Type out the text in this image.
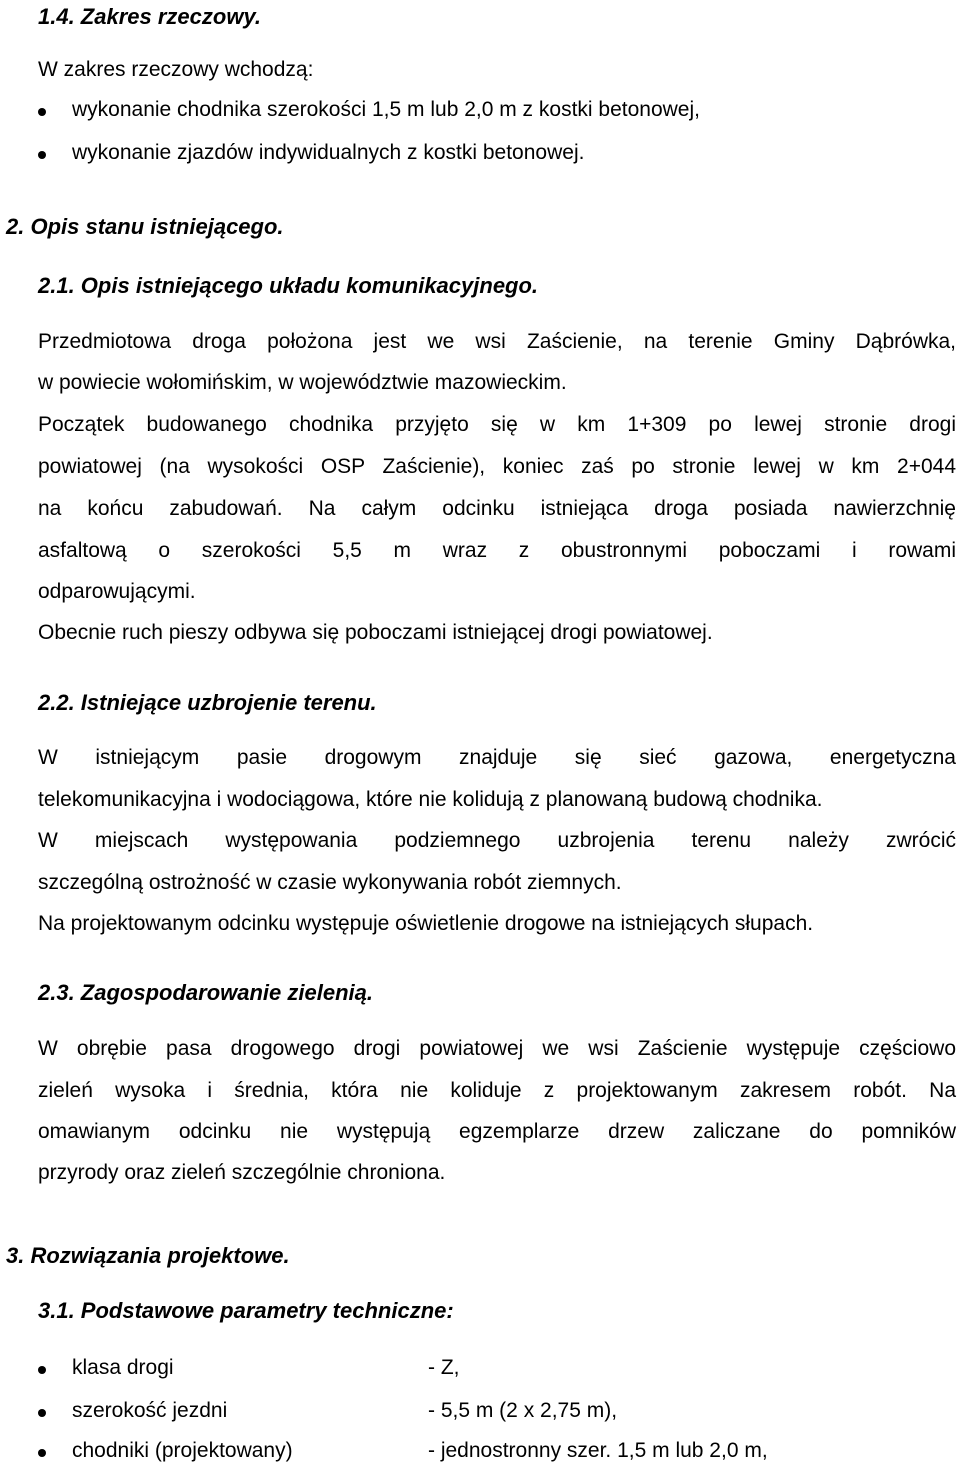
1.4. Zakres rzeczowy.
W zakres rzeczowy wchodzą:
wykonanie chodnika szerokości 1,5 m lub 2,0 m z kostki betonowej,
wykonanie zjazdów indywidualnych z kostki betonowej.
2. Opis stanu istniejącego.
2.1. Opis istniejącego układu komunikacyjnego.
Przedmiotowa droga położona jest we wsi Zaścienie, na terenie Gminy Dąbrówka,
w powiecie wołomińskim, w województwie mazowieckim.
Początek budowanego chodnika przyjęto się w km 1+309 po lewej stronie drogi
powiatowej (na wysokości OSP Zaścienie), koniec zaś po stronie lewej w km 2+044
na końcu zabudowań. Na całym odcinku istniejąca droga posiada nawierzchnię
asfaltową o szerokości 5,5 m wraz z obustronnymi poboczami i rowami
odparowującymi.
Obecnie ruch pieszy odbywa się poboczami istniejącej drogi powiatowej.
2.2. Istniejące uzbrojenie terenu.
W istniejącym pasie drogowym znajduje się sieć gazowa, energetyczna
telekomunikacyjna i wodociągowa, które nie kolidują z planowaną budową chodnika.
W miejscach występowania podziemnego uzbrojenia terenu należy zwrócić
szczególną ostrożność w czasie wykonywania robót ziemnych.
Na projektowanym odcinku występuje oświetlenie drogowe na istniejących słupach.
2.3. Zagospodarowanie zielenią.
W obrębie pasa drogowego drogi powiatowej we wsi Zaścienie występuje częściowo
zieleń wysoka i średnia, która nie koliduje z projektowanym zakresem robót. Na
omawianym odcinku nie występują egzemplarze drzew zaliczane do pomników
przyrody oraz zieleń szczególnie chroniona.
3. Rozwiązania projektowe.
3.1. Podstawowe parametry techniczne:
klasa drogi	- Z,
szerokość jezdni	- 5,5 m (2 x 2,75 m),
chodniki (projektowany)	- jednostronny szer. 1,5 m lub 2,0 m,
